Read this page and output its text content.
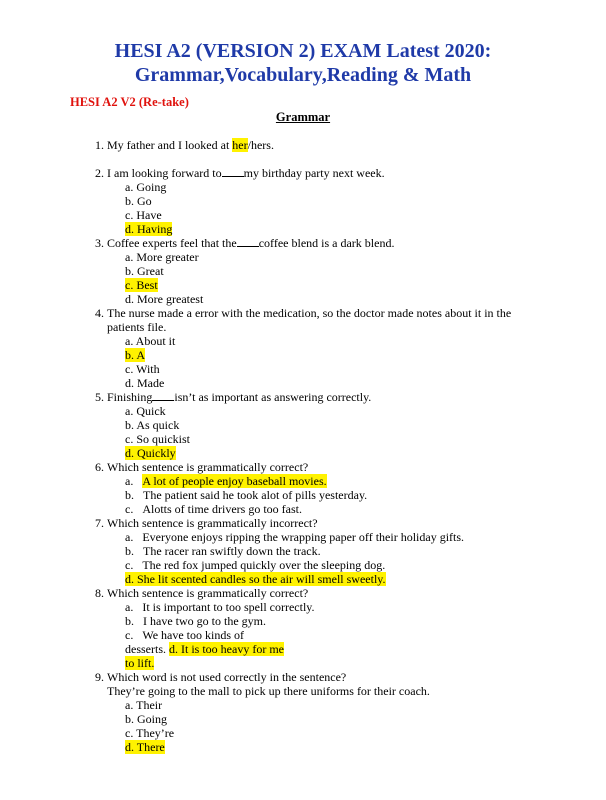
HESI A2 (VERSION 2) EXAM Latest 2020:
Grammar,Vocabulary,Reading & Math
HESI A2 V2 (Re-take)
Grammar
1. My father and I looked at her/hers.
2. I am looking forward to my birthday party next week.
a. Going
b. Go
c. Have
d. Having
3. Coffee experts feel that the coffee blend is a dark blend.
a. More greater
b. Great
c. Best
d. More greatest
4. The nurse made a error with the medication, so the doctor made notes about it in the
patients file.
a. About it
b. A
c. With
d. Made
5. Finishing isn’t as important as answering correctly.
a. Quick
b. As quick
c. So quickist
d. Quickly
6. Which sentence is grammatically correct?
a. A lot of people enjoy baseball movies.
b. The patient said he took alot of pills yesterday.
c. Alotts of time drivers go too fast.
7. Which sentence is grammatically incorrect?
a. Everyone enjoys ripping the wrapping paper off their holiday gifts.
b. The racer ran swiftly down the track.
c. The red fox jumped quickly over the sleeping dog.
d. She lit scented candles so the air will smell sweetly.
8. Which sentence is grammatically correct?
a. It is important to too spell correctly.
b. I have two go to the gym.
c. We have too kinds of
desserts. d. It is too heavy for me
to lift.
9. Which word is not used correctly in the sentence?
They’re going to the mall to pick up there uniforms for their coach.
a. Their
b. Going
c. They’re
d. There
